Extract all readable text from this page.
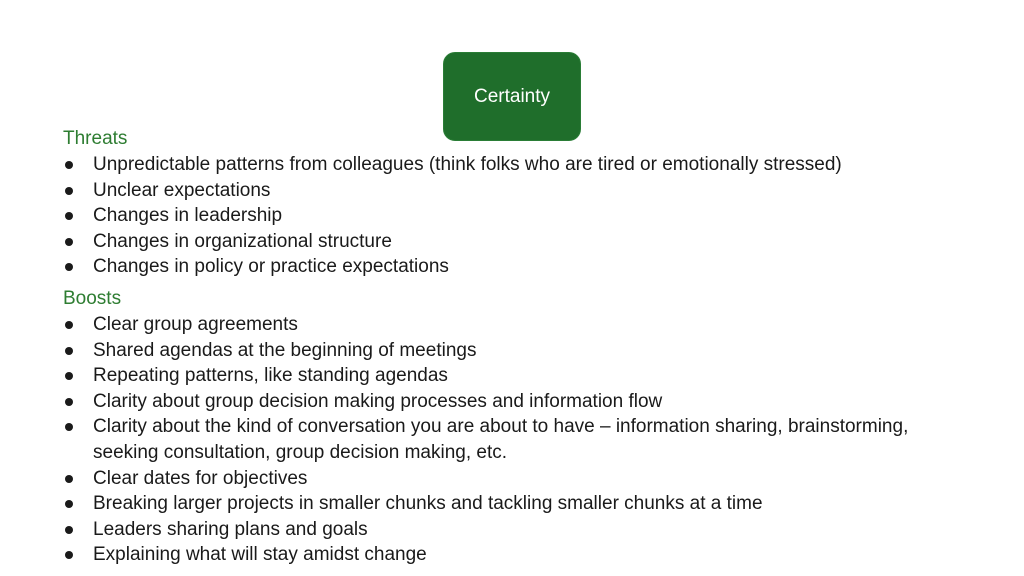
Certainty
Threats
Unpredictable patterns from colleagues (think folks who are tired or emotionally stressed)
Unclear expectations
Changes in leadership
Changes in organizational structure
Changes in policy or practice expectations
Boosts
Clear group agreements
Shared agendas at the beginning of meetings
Repeating patterns, like standing agendas
Clarity about group decision making processes and information flow
Clarity about the kind of conversation you are about to have – information sharing, brainstorming, seeking consultation, group decision making, etc.
Clear dates for objectives
Breaking larger projects in smaller chunks and tackling smaller chunks at a time
Leaders sharing plans and goals
Explaining what will stay amidst change
